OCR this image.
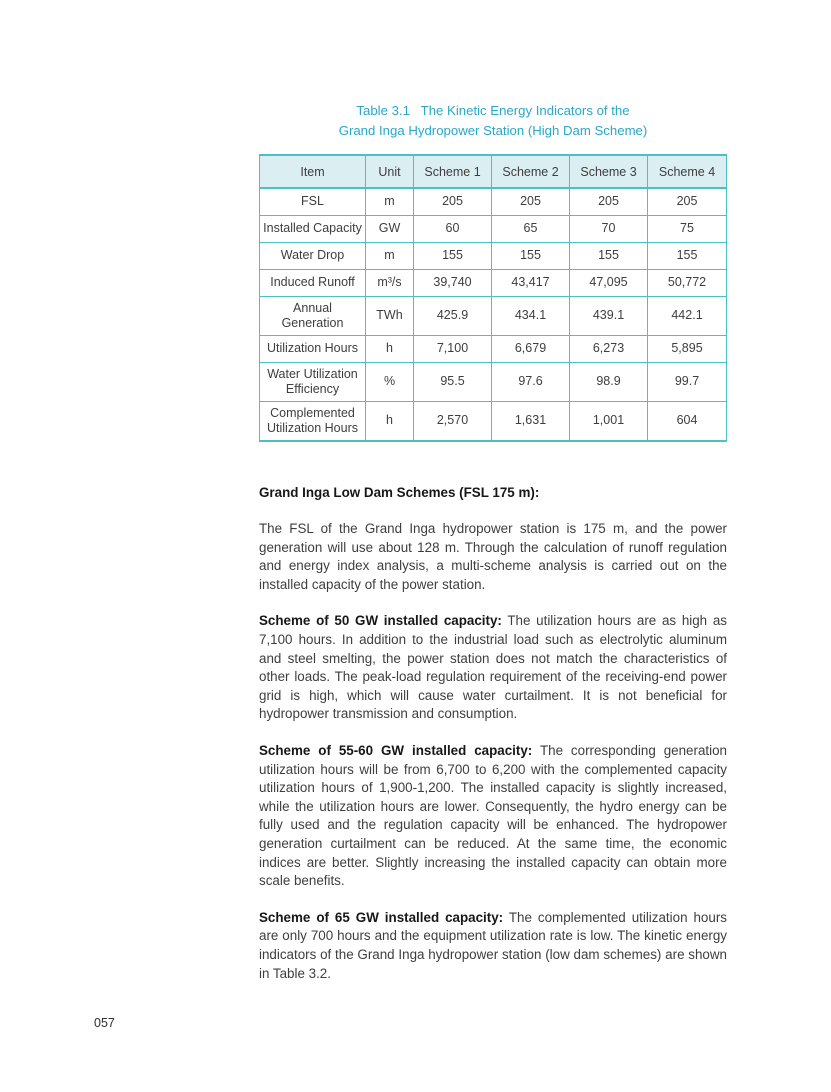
Table 3.1   The Kinetic Energy Indicators of the
Grand Inga Hydropower Station (High Dam Scheme)
Item	Unit	Scheme 1	Scheme 2	Scheme 3	Scheme 4
FSL	m	205	205	205	205
Installed Capacity	GW	60	65	70	75
Water Drop	m	155	155	155	155
Induced Runoff	m³/s	39,740	43,417	47,095	50,772
Annual Generation	TWh	425.9	434.1	439.1	442.1
Utilization Hours	h	7,100	6,679	6,273	5,895
Water Utilization Efficiency	%	95.5	97.6	98.9	99.7
Complemented Utilization Hours	h	2,570	1,631	1,001	604

Grand Inga Low Dam Schemes (FSL 175 m):

The FSL of the Grand Inga hydropower station is 175 m, and the power generation will use about 128 m. Through the calculation of runoff regulation and energy index analysis, a multi-scheme analysis is carried out on the installed capacity of the power station.

Scheme of 50 GW installed capacity: The utilization hours are as high as 7,100 hours. In addition to the industrial load such as electrolytic aluminum and steel smelting, the power station does not match the characteristics of other loads. The peak-load regulation requirement of the receiving-end power grid is high, which will cause water curtailment. It is not beneficial for hydropower transmission and consumption.

Scheme of 55-60 GW installed capacity: The corresponding generation utilization hours will be from 6,700 to 6,200 with the complemented capacity utilization hours of 1,900-1,200. The installed capacity is slightly increased, while the utilization hours are lower. Consequently, the hydro energy can be fully used and the regulation capacity will be enhanced. The hydropower generation curtailment can be reduced. At the same time, the economic indices are better. Slightly increasing the installed capacity can obtain more scale benefits.

Scheme of 65 GW installed capacity: The complemented utilization hours are only 700 hours and the equipment utilization rate is low. The kinetic energy indicators of the Grand Inga hydropower station (low dam schemes) are shown in Table 3.2.

057
